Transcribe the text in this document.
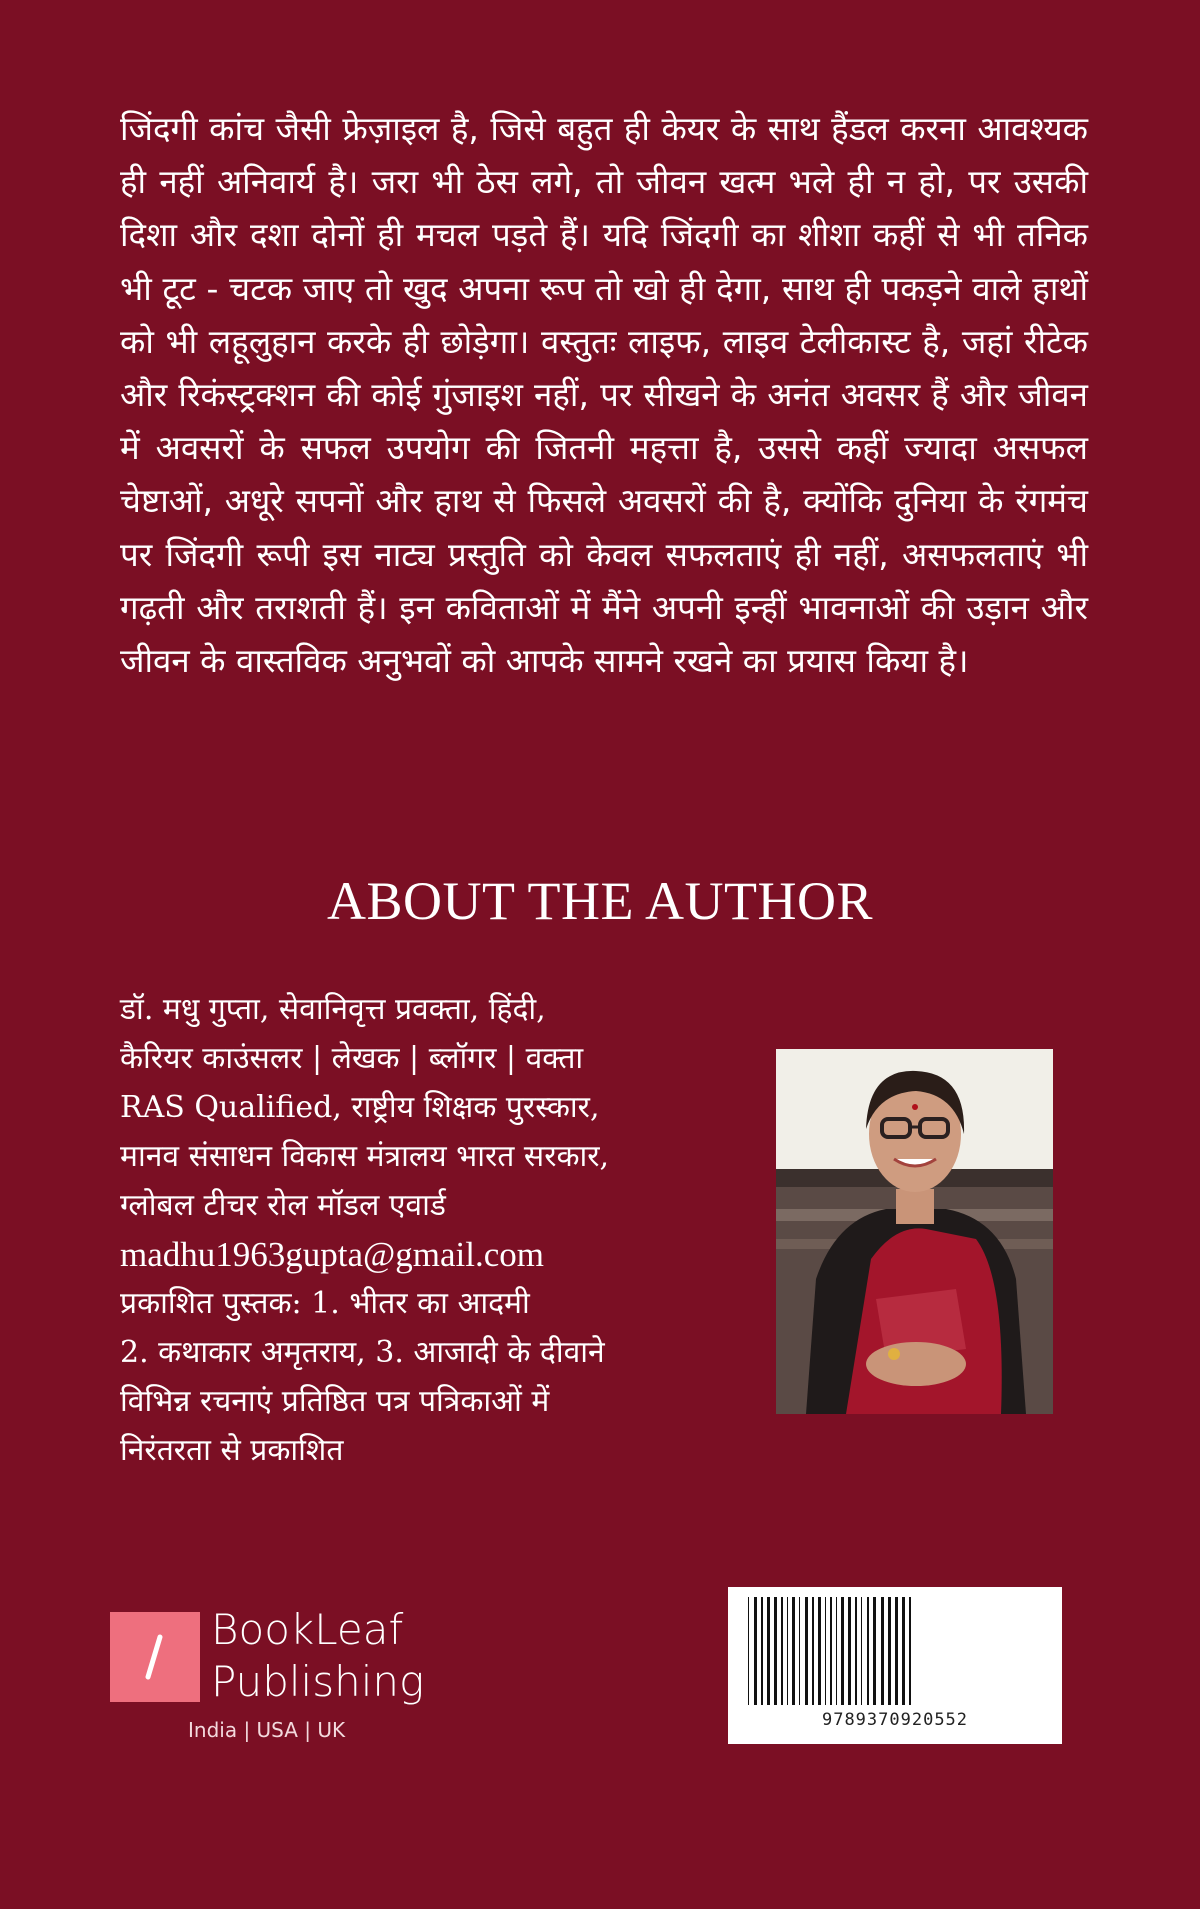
जिंदगी कांच जैसी फ्रेज़ाइल है, जिसे बहुत ही केयर के साथ हैंडल करना आवश्यक ही नहीं अनिवार्य है। जरा भी ठेस लगे, तो जीवन खत्म भले ही न हो, पर उसकी दिशा और दशा दोनों ही मचल पड़ते हैं। यदि जिंदगी का शीशा कहीं से भी तनिक भी टूट - चटक जाए तो खुद अपना रूप तो खो ही देगा, साथ ही पकड़ने वाले हाथों को भी लहूलुहान करके ही छोड़ेगा। वस्तुतः लाइफ, लाइव टेलीकास्ट है, जहां रीटेक और रिकंस्ट्रक्शन की कोई गुंजाइश नहीं, पर सीखने के अनंत अवसर हैं और जीवन में अवसरों के सफल उपयोग की जितनी महत्ता है, उससे कहीं ज्यादा असफल चेष्टाओं, अधूरे सपनों और हाथ से फिसले अवसरों की है, क्योंकि दुनिया के रंगमंच पर जिंदगी रूपी इस नाट्य प्रस्तुति को केवल सफलताएं ही नहीं, असफलताएं भी गढ़ती और तराशती हैं। इन कविताओं में मैंने अपनी इन्हीं भावनाओं की उड़ान और जीवन के वास्तविक अनुभवों को आपके सामने रखने का प्रयास किया है।

ABOUT THE AUTHOR
डॉ. मधु गुप्ता, सेवानिवृत्त प्रवक्ता, हिंदी,
कैरियर काउंसलर | लेखक | ब्लॉगर | वक्ता
RAS Qualified, राष्ट्रीय शिक्षक पुरस्कार,
मानव संसाधन विकास मंत्रालय भारत सरकार,
ग्लोबल टीचर रोल मॉडल एवार्ड
madhu1963gupta@gmail.com
प्रकाशित पुस्तक: 1. भीतर का आदमी
2. कथाकार अमृतराय, 3. आजादी के दीवाने
विभिन्न रचनाएं प्रतिष्ठित पत्र पत्रिकाओं में
निरंतरता से प्रकाशित
9789370920552
BookLeaf
Publishing
India | USA | UK
